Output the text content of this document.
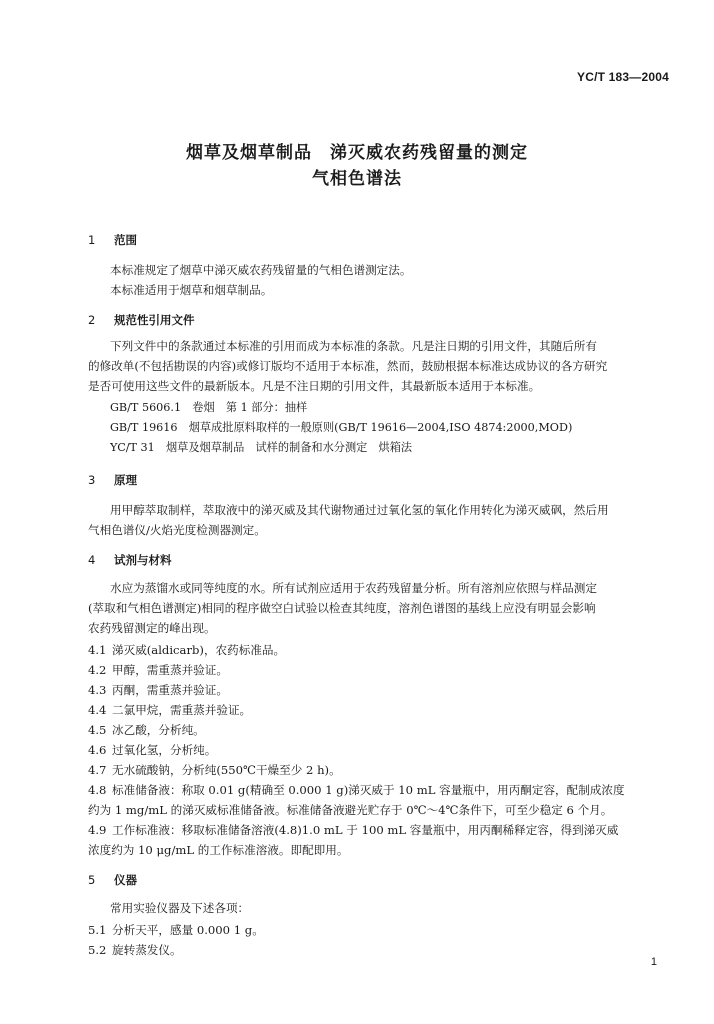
YC/T 183—2004
烟草及烟草制品　涕灭威农药残留量的测定
气相色谱法
1 范围
本标准规定了烟草中涕灭威农药残留量的气相色谱测定法。
本标准适用于烟草和烟草制品。
2 规范性引用文件
下列文件中的条款通过本标准的引用而成为本标准的条款。凡是注日期的引用文件，其随后所有
的修改单(不包括勘误的内容)或修订版均不适用于本标准，然而，鼓励根据本标准达成协议的各方研究
是否可使用这些文件的最新版本。凡是不注日期的引用文件，其最新版本适用于本标准。
GB/T 5606.1　卷烟　第 1 部分：抽样
GB/T 19616　烟草成批原料取样的一般原则(GB/T 19616—2004,ISO 4874:2000,MOD)
YC/T 31　烟草及烟草制品　试样的制备和水分测定　烘箱法
3 原理
用甲醇萃取制样，萃取液中的涕灭威及其代谢物通过过氧化氢的氧化作用转化为涕灭威砜，然后用
气相色谱仪/火焰光度检测器测定。
4 试剂与材料
水应为蒸馏水或同等纯度的水。所有试剂应适用于农药残留量分析。所有溶剂应依照与样品测定
(萃取和气相色谱测定)相同的程序做空白试验以检查其纯度，溶剂色谱图的基线上应没有明显会影响
农药残留测定的峰出现。
4.1 涕灭威(aldicarb)，农药标准品。
4.2 甲醇，需重蒸并验证。
4.3 丙酮，需重蒸并验证。
4.4 二氯甲烷，需重蒸并验证。
4.5 冰乙酸，分析纯。
4.6 过氧化氢，分析纯。
4.7 无水硫酸钠，分析纯(550℃干燥至少 2 h)。
4.8 标准储备液：称取 0.01 g(精确至 0.000 1 g)涕灭威于 10 mL 容量瓶中，用丙酮定容，配制成浓度
约为 1 mg/mL 的涕灭威标准储备液。标准储备液避光贮存于 0℃～4℃条件下，可至少稳定 6 个月。
4.9 工作标准液：移取标准储备溶液(4.8)1.0 mL 于 100 mL 容量瓶中，用丙酮稀释定容，得到涕灭威
浓度约为 10 μg/mL 的工作标准溶液。即配即用。
5 仪器
常用实验仪器及下述各项：
5.1 分析天平，感量 0.000 1 g。
5.2 旋转蒸发仪。
1
